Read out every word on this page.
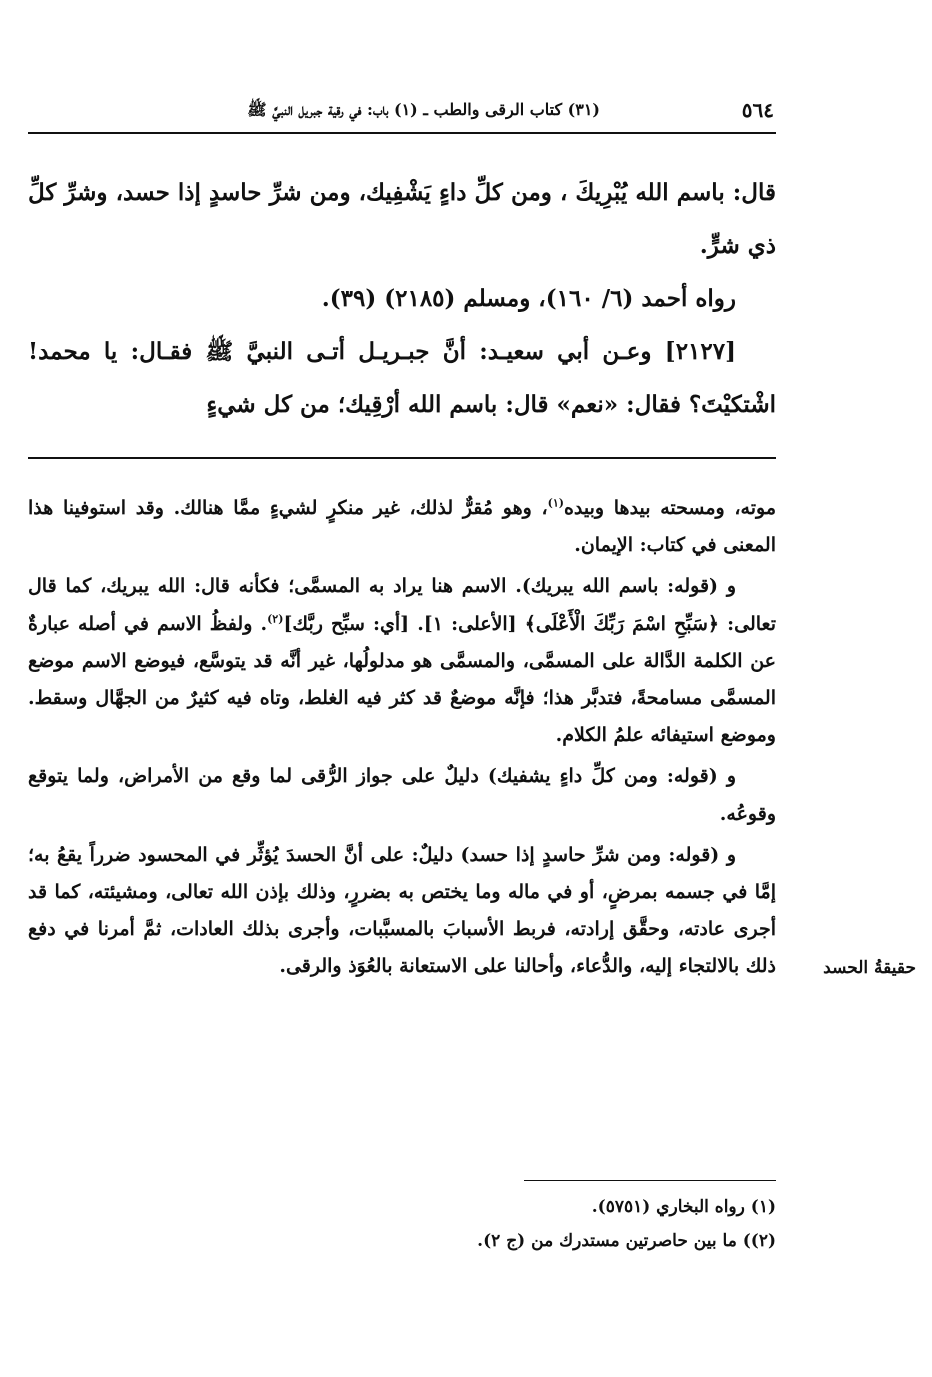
٥٦٤
(٣١) كتاب الرقى والطب ـ (١) باب: في رقية جبريل النبيَّ ﷺ

قال: باسم الله يُبْرِيكَ ، ومن كلِّ داءٍ يَشْفِيك، ومن شرِّ حاسدٍ إذا حسد، وشرِّ كلِّ ذي شرٍّ.

رواه أحمد (٦/ ١٦٠)، ومسلم (٢١٨٥) (٣٩).

[٢١٢٧] وعـن أبي سعيـد: أنَّ جبـريـل أتـى النبيَّ ﷺ فقـال: يا محمد! اشْتكيْتَ؟ فقال: «نعم» قال: باسم الله أرْقِيك؛ من كل شيءٍ

موته، ومسحته بيدها وبيده$^{(١)}$، وهو مُقرٌّ لذلك، غير منكرٍ لشيءٍ ممَّا هنالك. وقد استوفينا هذا المعنى في كتاب: الإيمان.

و (قوله: باسم الله يبريك). الاسم هنا يراد به المسمَّى؛ فكأنه قال: الله يبريك، كما قال تعالى: ﴿سَبِّحِ اسْمَ رَبِّكَ الْأَعْلَى﴾ [الأعلى: ١]. [أي: سبِّح ربَّك]$^{(٢)}$. ولفظُ الاسم في أصله عبارةٌ عن الكلمة الدَّالة على المسمَّى، والمسمَّى هو مدلولُها، غير أنَّه قد يتوسَّع، فيوضع الاسم موضع المسمَّى مسامحةً، فتدبَّر هذا؛ فإنَّه موضعٌ قد كثر فيه الغلط، وتاه فيه كثيرٌ من الجهَّال وسقط. وموضع استيفائه علمُ الكلام.

و (قوله: ومن كلِّ داءٍ يشفيك) دليلٌ على جواز الرُّقى لما وقع من الأمراض، ولما يتوقع وقوعُه.

و (قوله: ومن شرِّ حاسدٍ إذا حسد) دليلٌ: على أنَّ الحسدَ يُؤثِّر في المحسود ضرراً يقعُ به؛ إمَّا في جسمه بمرضٍ، أو في ماله وما يختص به بضررٍ، وذلك بإذن الله تعالى، ومشيئته، كما قد أجرى عادته، وحقَّق إرادته، فربط الأسبابَ بالمسبَّبات، وأجرى بذلك العادات، ثمَّ أمرنا في دفع ذلك بالالتجاء إليه، والدُّعاء، وأحالنا على الاستعانة بالعُوَذ والرقى.	حقيقةُ الحسد

(١) رواه البخاري (٥٧٥١).

(٢)) ما بين حاصرتين مستدرك من (ج ٢).
